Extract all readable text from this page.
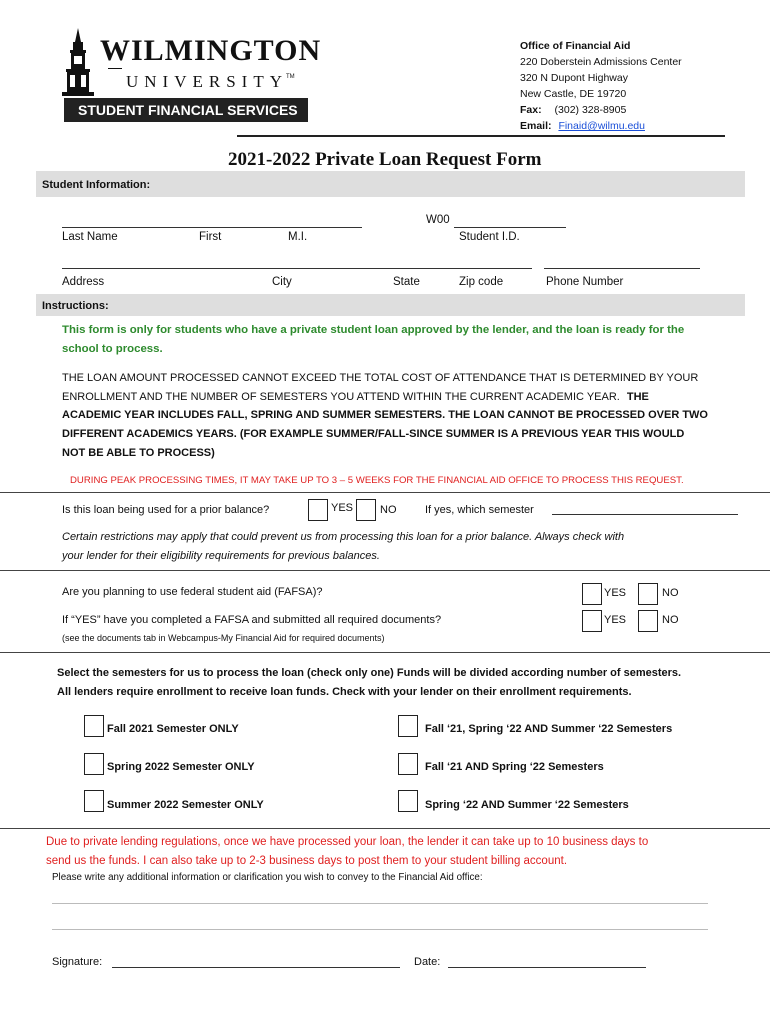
WILMINGTON
UNIVERSITY
TM
STUDENT FINANCIAL SERVICES
Office of Financial Aid
220 Doberstein Admissions Center
320 N Dupont Highway
New Castle, DE 19720
Fax: (302) 328-8905
Email: Finaid@wilmu.edu
2021-2022 Private Loan Request Form
Student Information:
W00
Last Name	First	M.I.	Student I.D.
Address	City	State	Zip code	Phone Number
Instructions:
This form is only for students who have a private student loan approved by the lender, and the loan is ready for the
school to process.
THE LOAN AMOUNT PROCESSED CANNOT EXCEED THE TOTAL COST OF ATTENDANCE THAT IS DETERMINED BY YOUR
ENROLLMENT AND THE NUMBER OF SEMESTERS YOU ATTEND WITHIN THE CURRENT ACADEMIC YEAR. THE
ACADEMIC YEAR INCLUDES FALL, SPRING AND SUMMER SEMESTERS. THE LOAN CANNOT BE PROCESSED OVER TWO
DIFFERENT ACADEMICS YEARS. (FOR EXAMPLE SUMMER/FALL-SINCE SUMMER IS A PREVIOUS YEAR THIS WOULD
NOT BE ABLE TO PROCESS)
DURING PEAK PROCESSING TIMES, IT MAY TAKE UP TO 3 – 5 WEEKS FOR THE FINANCIAL AID OFFICE TO PROCESS THIS REQUEST.
Is this loan being used for a prior balance?	YES NO	If yes, which semester
Certain restrictions may apply that could prevent us from processing this loan for a prior balance. Always check with
your lender for their eligibility requirements for previous balances.
Are you planning to use federal student aid (FAFSA)?	YES	NO
If “YES” have you completed a FAFSA and submitted all required documents?	YES	NO
(see the documents tab in Webcampus-My Financial Aid for required documents)
Select the semesters for us to process the loan (check only one) Funds will be divided according number of semesters.
All lenders require enrollment to receive loan funds. Check with your lender on their enrollment requirements.
Fall 2021 Semester ONLY	Fall ‘21, Spring ‘22 AND Summer ‘22 Semesters
Spring 2022 Semester ONLY	Fall ‘21 AND Spring ‘22 Semesters
Summer 2022 Semester ONLY	Spring ‘22 AND Summer ‘22 Semesters
Due to private lending regulations, once we have processed your loan, the lender it can take up to 10 business days to
send us the funds. I can also take up to 2-3 business days to post them to your student billing account.
Please write any additional information or clarification you wish to convey to the Financial Aid office:
Signature:	Date:
